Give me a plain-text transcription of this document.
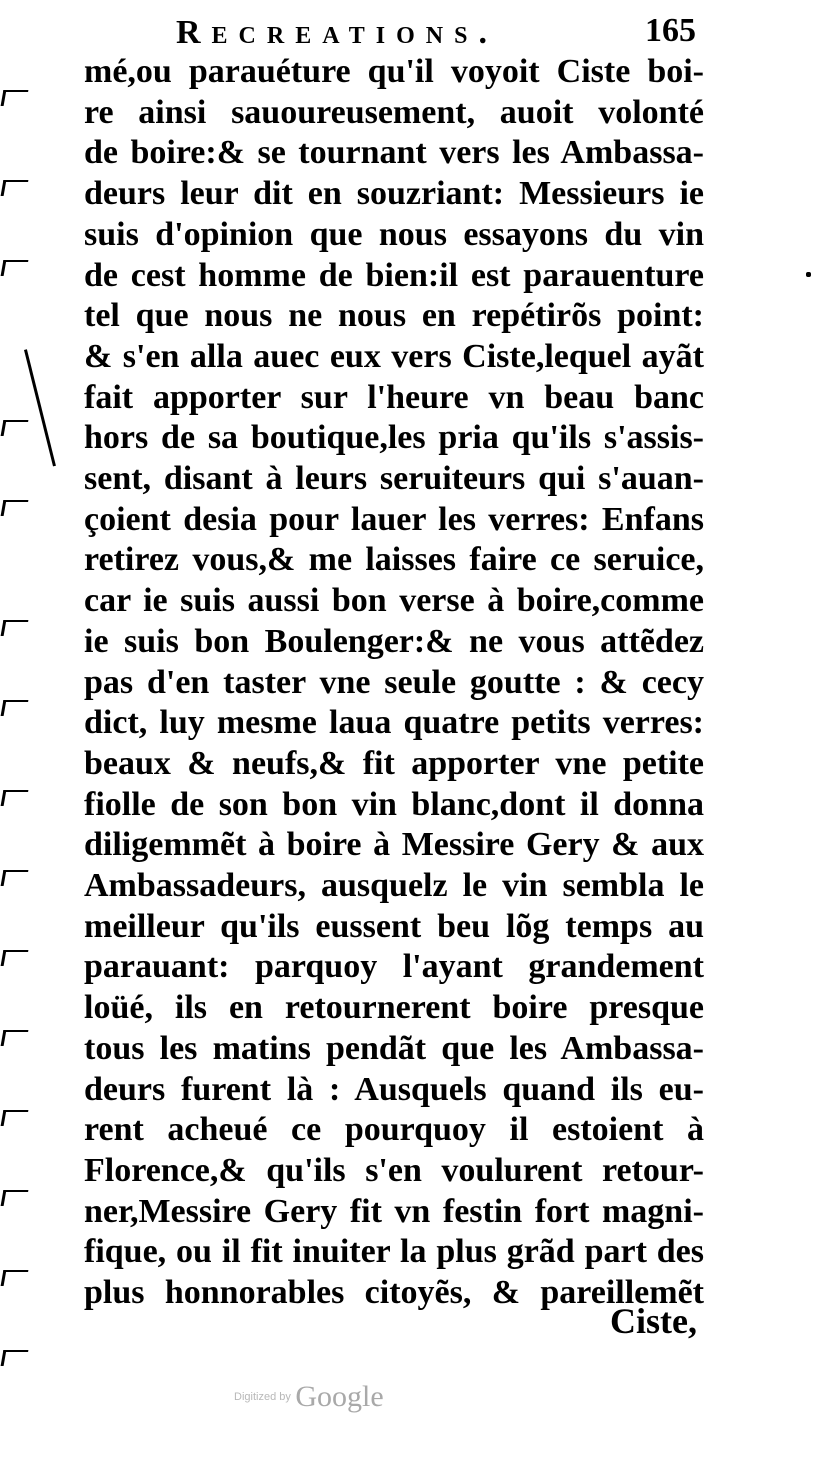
Recreations.	165
mé,ou parauéture qu'il voyoit Ciste boi-
re ainsi sauoureusement, auoit volonté
de boire:& se tournant vers les Ambassa-
deurs leur dit en souzriant: Messieurs ie
suis d'opinion que nous essayons du vin
de cest homme de bien:il est parauenture
tel que nous ne nous en repétirõs point:
& s'en alla auec eux vers Ciste,lequel ayãt
fait apporter sur l'heure vn beau banc
hors de sa boutique,les pria qu'ils s'assis-
sent, disant à leurs seruiteurs qui s'auan-
çoient desia pour lauer les verres: Enfans
retirez vous,& me laisses faire ce seruice,
car ie suis aussi bon verse à boire,comme
ie suis bon Boulenger:& ne vous attẽdez
pas d'en taster vne seule goutte : & cecy
dict, luy mesme laua quatre petits verres:
beaux & neufs,& fit apporter vne petite
fiolle de son bon vin blanc,dont il donna
diligemmẽt à boire à Messire Gery & aux
Ambassadeurs, ausquelz le vin sembla le
meilleur qu'ils eussent beu lõg temps au
parauant: parquoy l'ayant grandement
loüé, ils en retournerent boire presque
tous les matins pendãt que les Ambassa-
deurs furent là : Ausquels quand ils eu-
rent acheué ce pourquoy il estoient à
Florence,& qu'ils s'en voulurent retour-
ner,Messire Gery fit vn festin fort magni-
fique, ou il fit inuiter la plus grãd part des
plus honnorables citoyẽs, & pareillemẽt
Ciste,
Digitized by Google
